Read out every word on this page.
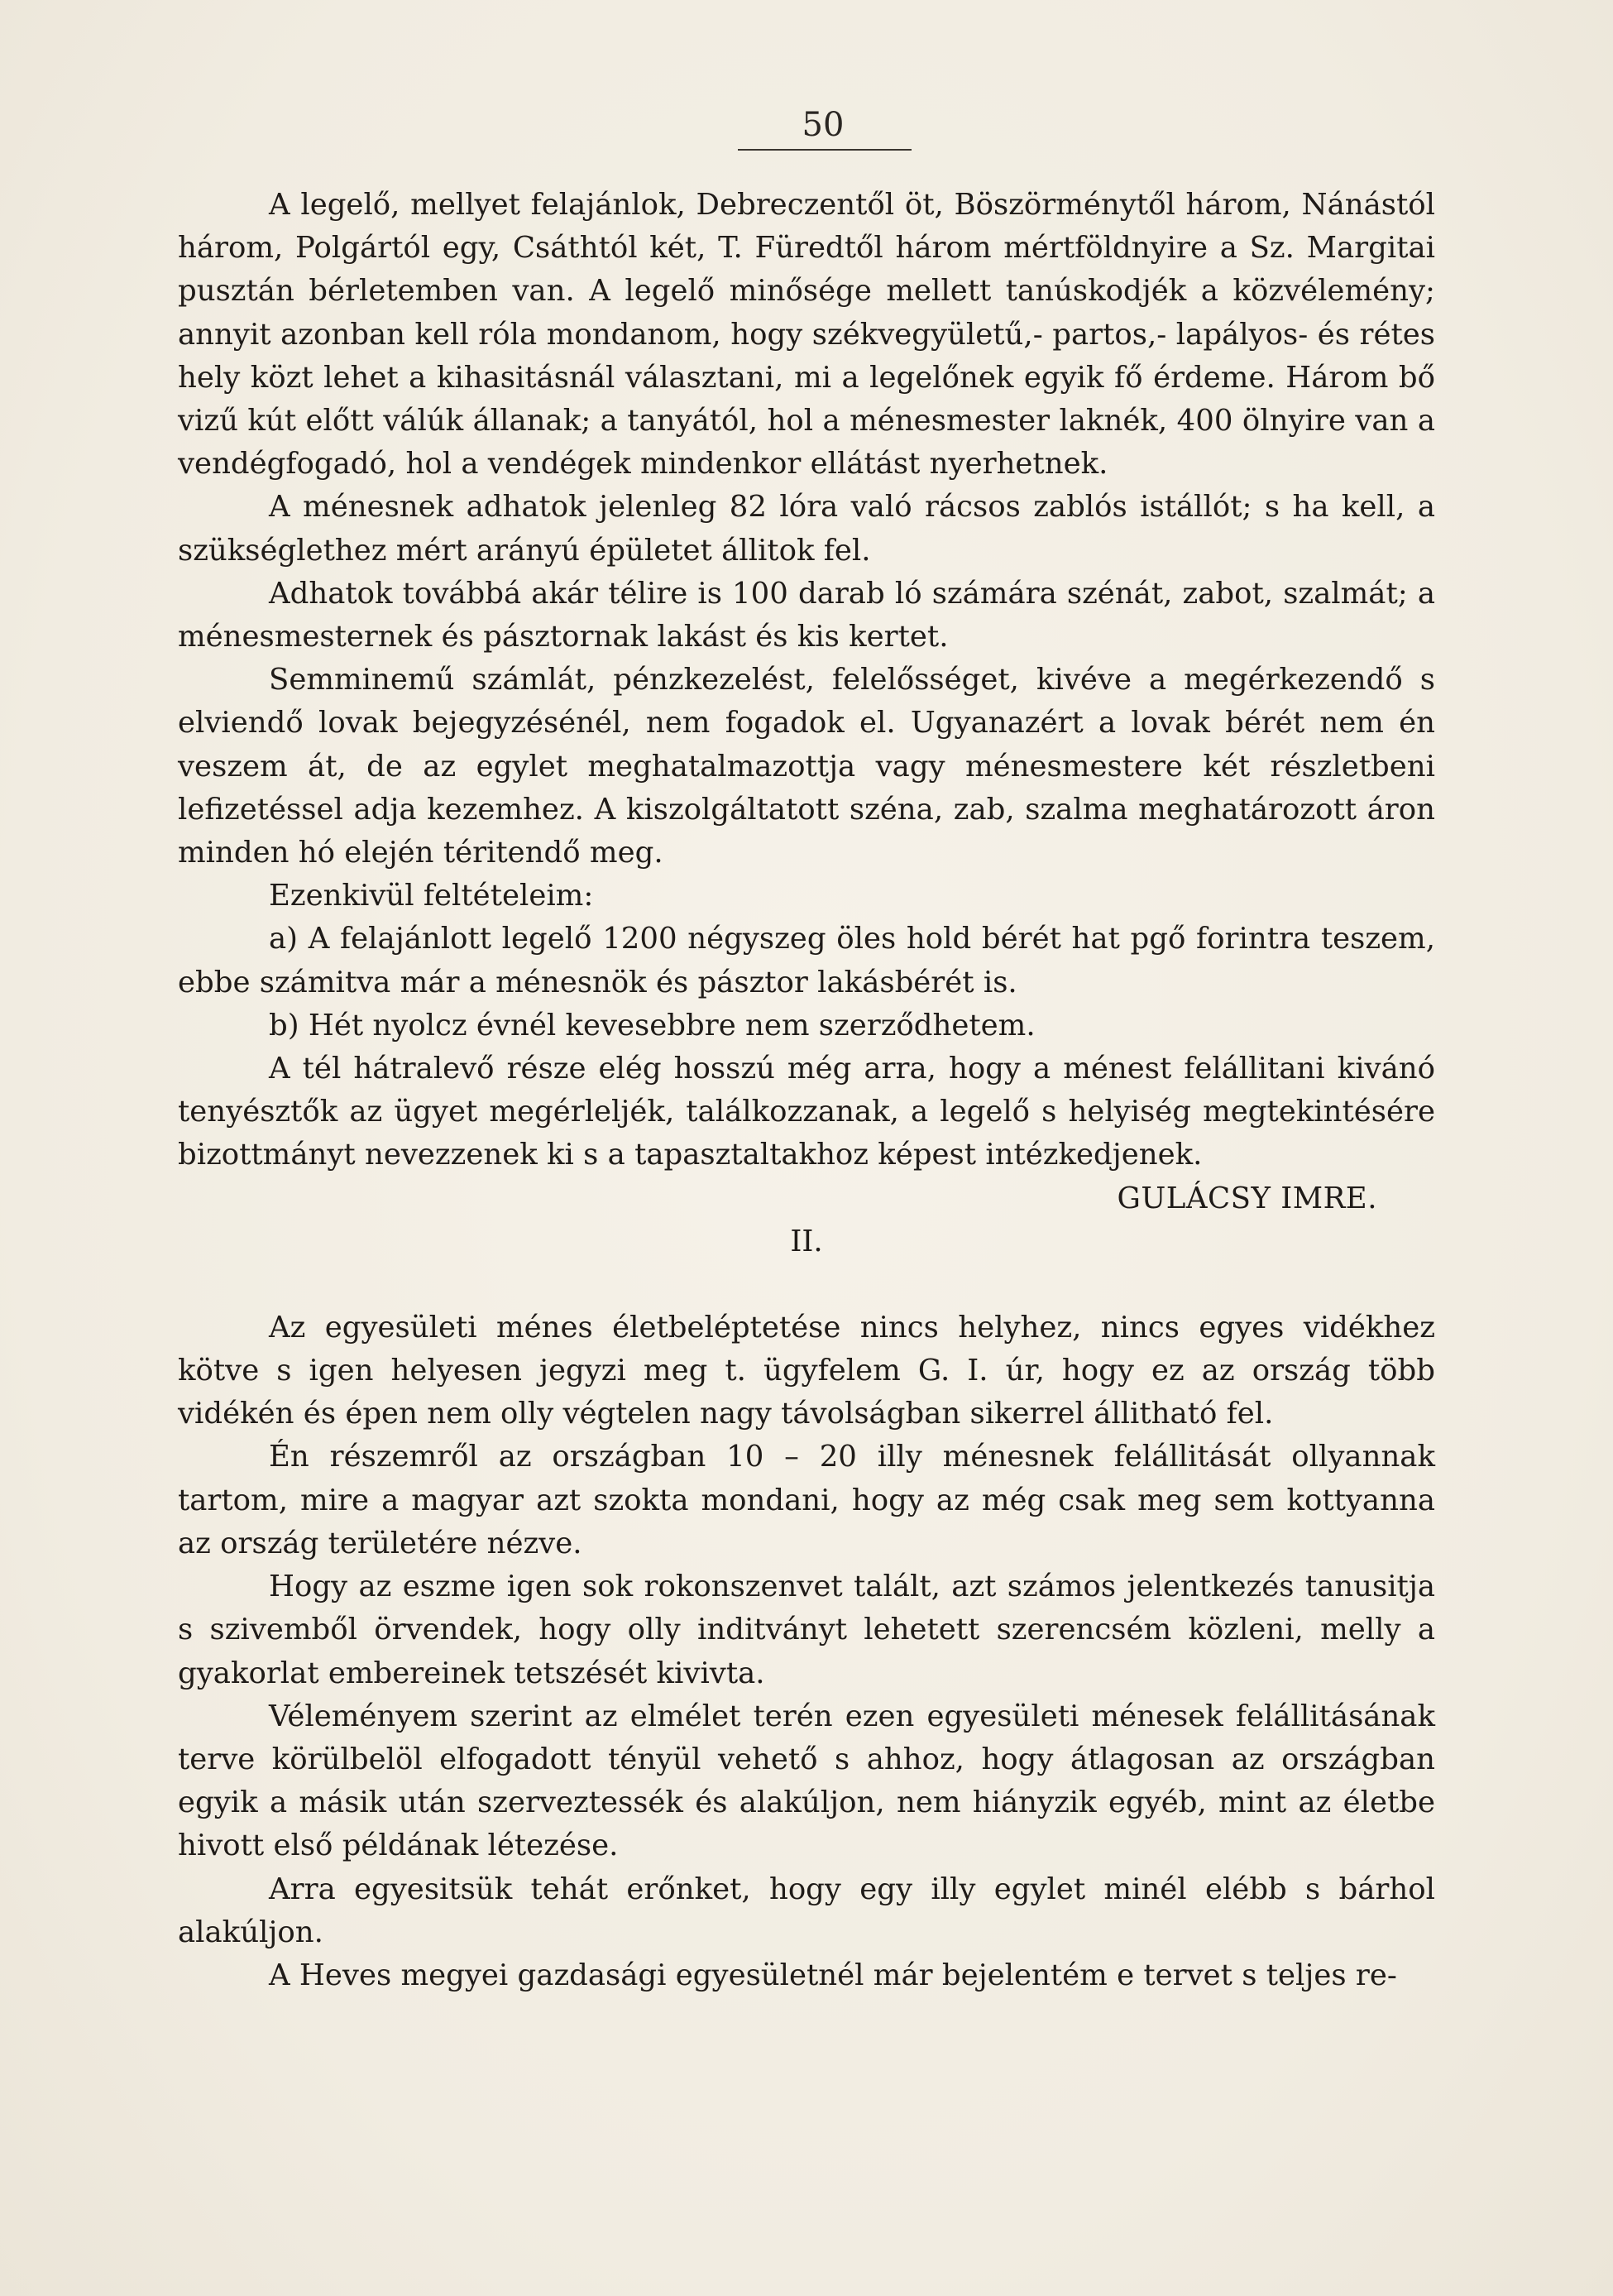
50

A legelő, mellyet felajánlok, Debreczentől öt, Böszörménytől három, Nánástól három, Polgártól egy, Csáthtól két, T. Füredtől három mértföldnyire a Sz. Margitai pusztán bérletemben van. A legelő minősége mellett tanúskodjék a közvélemény; annyit azonban kell róla mondanom, hogy székvegyületű,- partos,- lapályos- és rétes hely közt lehet a kihasitásnál választani, mi a legelőnek egyik fő érdeme. Három bő vizű kút előtt válúk állanak; a tanyától, hol a ménesmester laknék, 400 ölnyire van a vendégfogadó, hol a vendégek mindenkor ellátást nyerhetnek.

A ménesnek adhatok jelenleg 82 lóra való rácsos zablós istállót; s ha kell, a szükséglethez mért arányú épületet állitok fel.

Adhatok továbbá akár télire is 100 darab ló számára szénát, zabot, szalmát; a ménesmesternek és pásztornak lakást és kis kertet.

Semminemű számlát, pénzkezelést, felelősséget, kivéve a megérkezendő s elviendő lovak bejegyzésénél, nem fogadok el. Ugyanazért a lovak bérét nem én veszem át, de az egylet meghatalmazottja vagy ménesmestere két részletbeni lefizetéssel adja kezemhez. A kiszolgáltatott széna, zab, szalma meghatározott áron minden hó elején téritendő meg.

Ezenkivül feltételeim:

a) A felajánlott legelő 1200 négyszeg öles hold bérét hat pgő forintra teszem, ebbe számitva már a ménesnök és pásztor lakásbérét is.

b) Hét nyolcz évnél kevesebbre nem szerződhetem.

A tél hátralevő része elég hosszú még arra, hogy a ménest felállitani kivánó tenyésztők az ügyet megérleljék, találkozzanak, a legelő s helyiség megtekintésére bizottmányt nevezzenek ki s a tapasztaltakhoz képest intézkedjenek.

GULÁCSY IMRE.

II.

Az egyesületi ménes életbeléptetése nincs helyhez, nincs egyes vidékhez kötve s igen helyesen jegyzi meg t. ügyfelem G. I. úr, hogy ez az ország több vidékén és épen nem olly végtelen nagy távolságban sikerrel állitható fel.

Én részemről az országban 10 – 20 illy ménesnek felállitását ollyannak tartom, mire a magyar azt szokta mondani, hogy az még csak meg sem kottyanna az ország területére nézve.

Hogy az eszme igen sok rokonszenvet talált, azt számos jelentkezés tanusitja s szivemből örvendek, hogy olly inditványt lehetett szerencsém közleni, melly a gyakorlat embereinek tetszését kivivta.

Véleményem szerint az elmélet terén ezen egyesületi ménesek felállitásának terve körülbelöl elfogadott tényül vehető s ahhoz, hogy átlagosan az országban egyik a másik után szerveztessék és alakúljon, nem hiányzik egyéb, mint az életbe hivott első példának létezése.

Arra egyesitsük tehát erőnket, hogy egy illy egylet minél elébb s bárhol alakúljon.

A Heves megyei gazdasági egyesületnél már bejelentém e tervet s teljes re-
